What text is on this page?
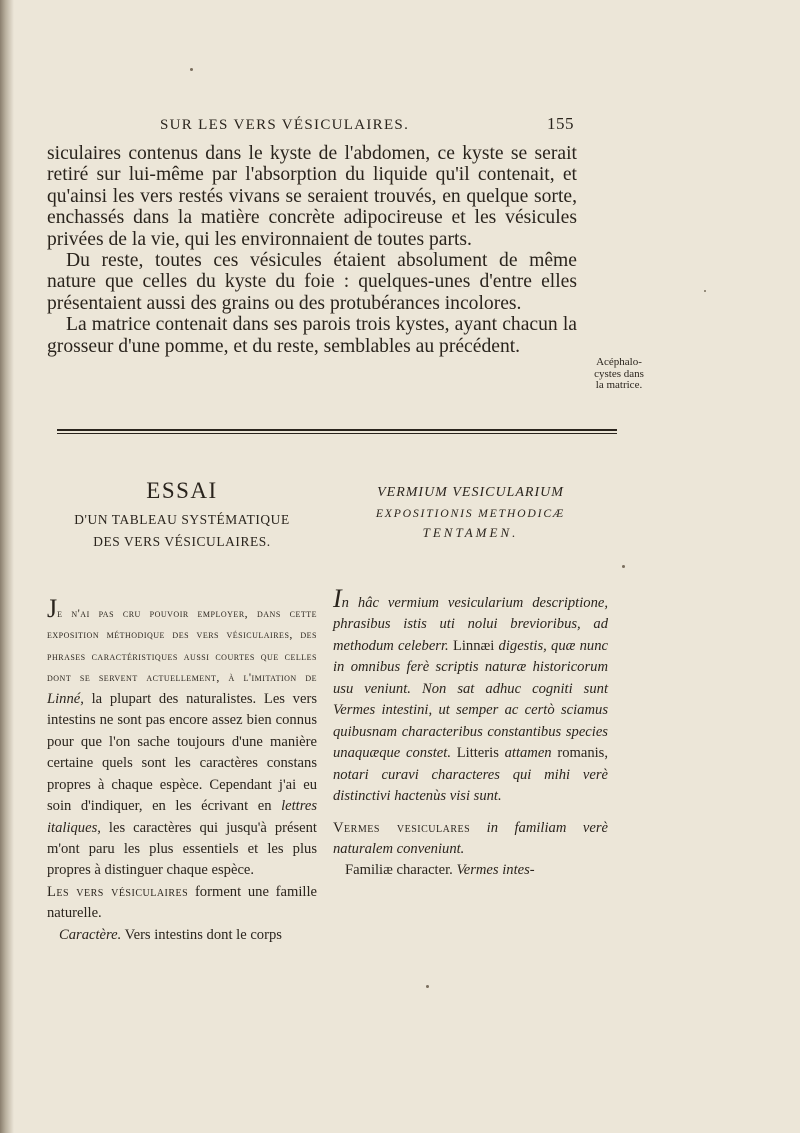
SUR LES VERS VÉSICULAIRES.	155

siculaires contenus dans le kyste de l'abdomen, ce kyste se serait retiré sur lui-même par l'absorption du liquide qu'il contenait, et qu'ainsi les vers restés vivans se seraient trouvés, en quelque sorte, enchassés dans la matière concrète adipocireuse et les vésicules privées de la vie, qui les environnaient de toutes parts.

Du reste, toutes ces vésicules étaient absolument de même nature que celles du kyste du foie : quelques-unes d'entre elles présentaient aussi des grains ou des protubérances incolores.

La matrice contenait dans ses parois trois kystes, ayant chacun la grosseur d'une pomme, et du reste, semblables au précédent.

Acéphalo-
cystes dans
la matrice.
ESSAI
D'UN TABLEAU SYSTÉMATIQUE
DES VERS VÉSICULAIRES.

Je n'ai pas cru pouvoir employer, dans cette exposition méthodique des vers vésiculaires, des phrases caractéristiques aussi courtes que celles dont se servent actuellement, à l'imitation de Linné, la plupart des naturalistes. Les vers intestins ne sont pas encore assez bien connus pour que l'on sache toujours d'une manière certaine quels sont les caractères constans propres à chaque espèce. Cependant j'ai eu soin d'indiquer, en les écrivant en lettres italiques, les caractères qui jusqu'à présent m'ont paru les plus essentiels et les plus propres à distinguer chaque espèce.

Les vers vésiculaires forment une famille naturelle.

Caractère. Vers intestins dont le corps

VERMIUM VESICULARIUM
EXPOSITIONIS METHODICÆ
TENTAMEN.

In hâc vermium vesicularium descriptione, phrasibus istis uti nolui brevioribus, ad methodum celeberr. Linnæi digestis, quæ nunc in omnibus ferè scriptis naturæ historicorum usu veniunt. Non sat adhuc cogniti sunt Vermes intestini, ut semper ac certò sciamus quibusnam characteribus constantibus species unaquæque constet. Litteris attamen romanis, notari curavi characteres qui mihi verè distinctivi hactenùs visi sunt.

Vermes vesiculares in familiam verè naturalem conveniunt.

Familiæ character. Vermes intes-
